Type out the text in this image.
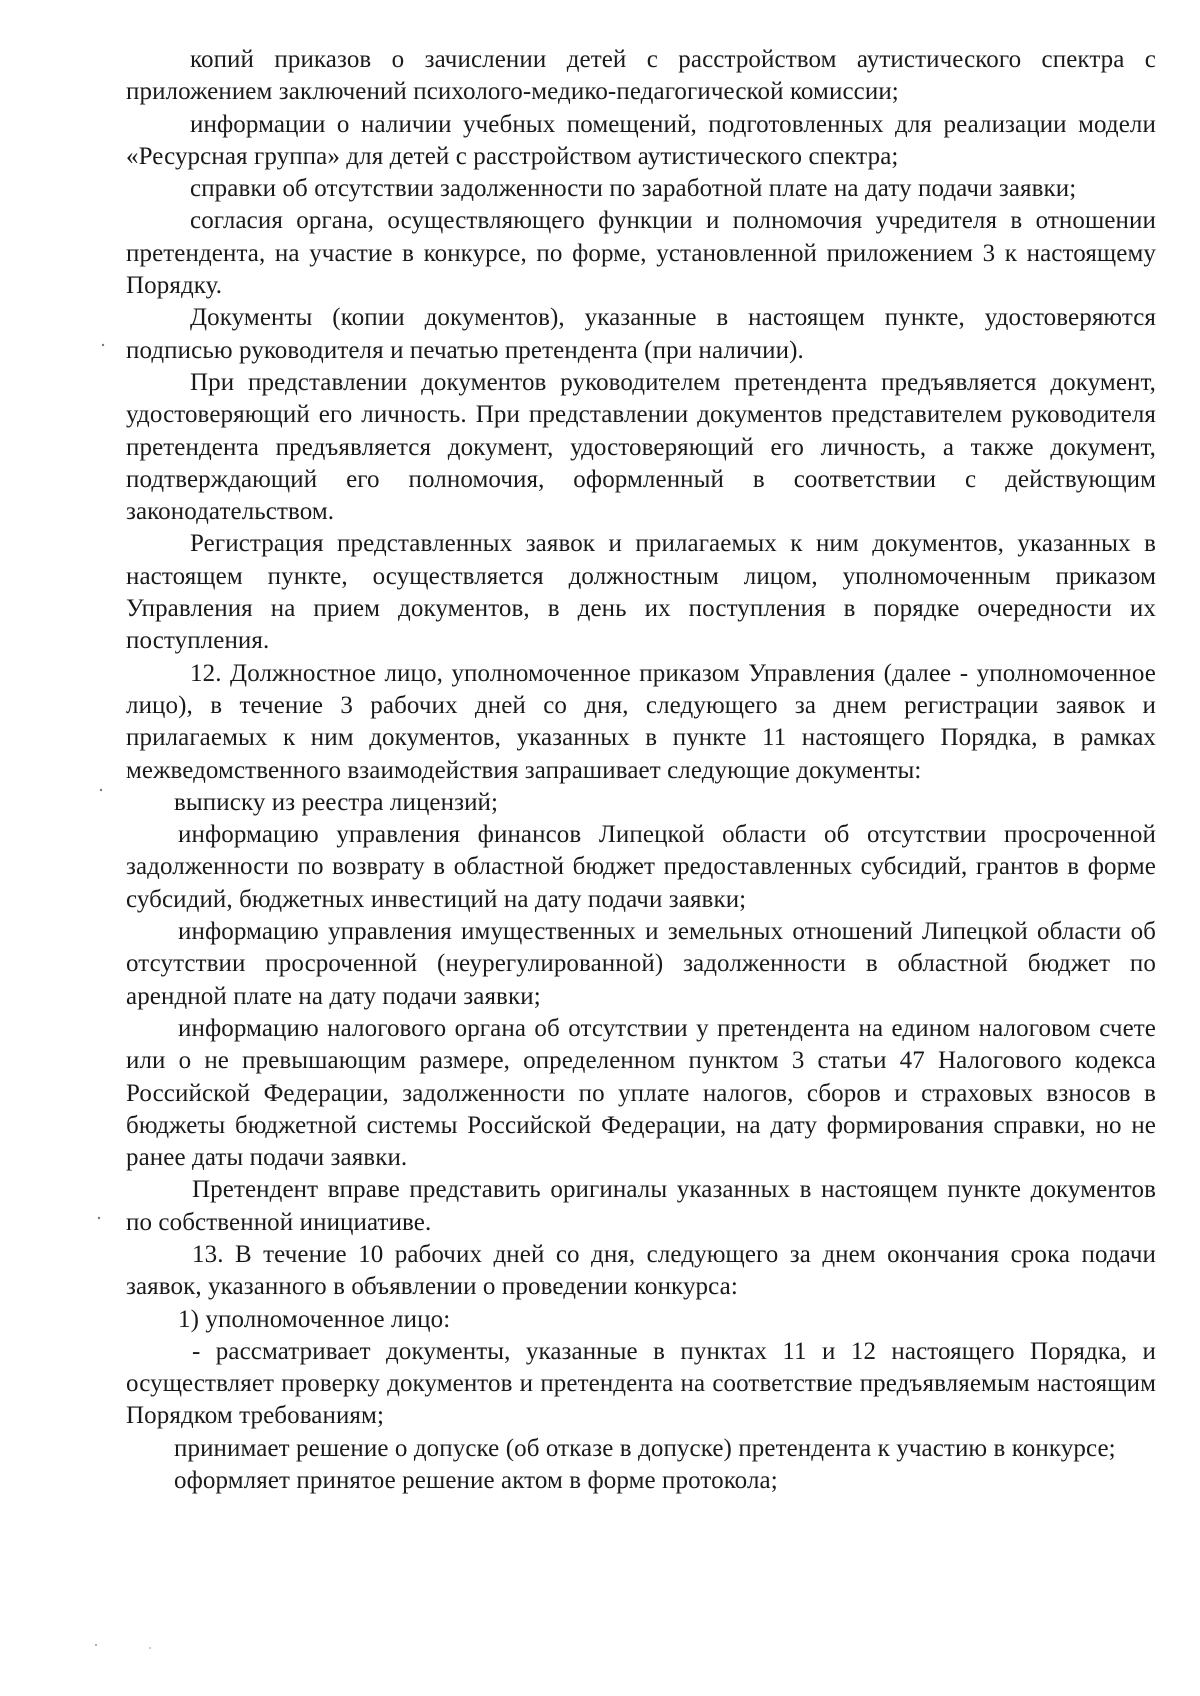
копий приказов о зачислении детей с расстройством аутистического спектра с приложением заключений психолого-медико-педагогической комиссии;

информации о наличии учебных помещений, подготовленных для реализации модели «Ресурсная группа» для детей с расстройством аутистического спектра;

справки об отсутствии задолженности по заработной плате на дату подачи заявки;

согласия органа, осуществляющего функции и полномочия учредителя в отношении претендента, на участие в конкурсе, по форме, установленной приложением 3 к настоящему Порядку.

Документы (копии документов), указанные в настоящем пункте, удостоверяются подписью руководителя и печатью претендента (при наличии).

При представлении документов руководителем претендента предъявляется документ, удостоверяющий его личность. При представлении документов представителем руководителя претендента предъявляется документ, удостоверяющий его личность, а также документ, подтверждающий его полномочия, оформленный в соответствии с действующим законодательством.

Регистрация представленных заявок и прилагаемых к ним документов, указанных в настоящем пункте, осуществляется должностным лицом, уполномоченным приказом Управления на прием документов, в день их поступления в порядке очередности их поступления.

12. Должностное лицо, уполномоченное приказом Управления (далее - уполномоченное лицо), в течение 3 рабочих дней со дня, следующего за днем регистрации заявок и прилагаемых к ним документов, указанных в пункте 11 настоящего Порядка, в рамках межведомственного взаимодействия запрашивает следующие документы:

выписку из реестра лицензий;

информацию управления финансов Липецкой области об отсутствии просроченной задолженности по возврату в областной бюджет предоставленных субсидий, грантов в форме субсидий, бюджетных инвестиций на дату подачи заявки;

информацию управления имущественных и земельных отношений Липецкой области об отсутствии просроченной (неурегулированной) задолженности в областной бюджет по арендной плате на дату подачи заявки;

информацию налогового органа об отсутствии у претендента на едином налоговом счете или о не превышающим размере, определенном пунктом 3 статьи 47 Налогового кодекса Российской Федерации, задолженности по уплате налогов, сборов и страховых взносов в бюджеты бюджетной системы Российской Федерации, на дату формирования справки, но не ранее даты подачи заявки.

Претендент вправе представить оригиналы указанных в настоящем пункте документов по собственной инициативе.

13. В течение 10 рабочих дней со дня, следующего за днем окончания срока подачи заявок, указанного в объявлении о проведении конкурса:

1) уполномоченное лицо:

- рассматривает документы, указанные в пунктах 11 и 12 настоящего Порядка, и осуществляет проверку документов и претендента на соответствие предъявляемым настоящим Порядком требованиям;

принимает решение о допуске (об отказе в допуске) претендента к участию в конкурсе;

оформляет принятое решение актом в форме протокола;
